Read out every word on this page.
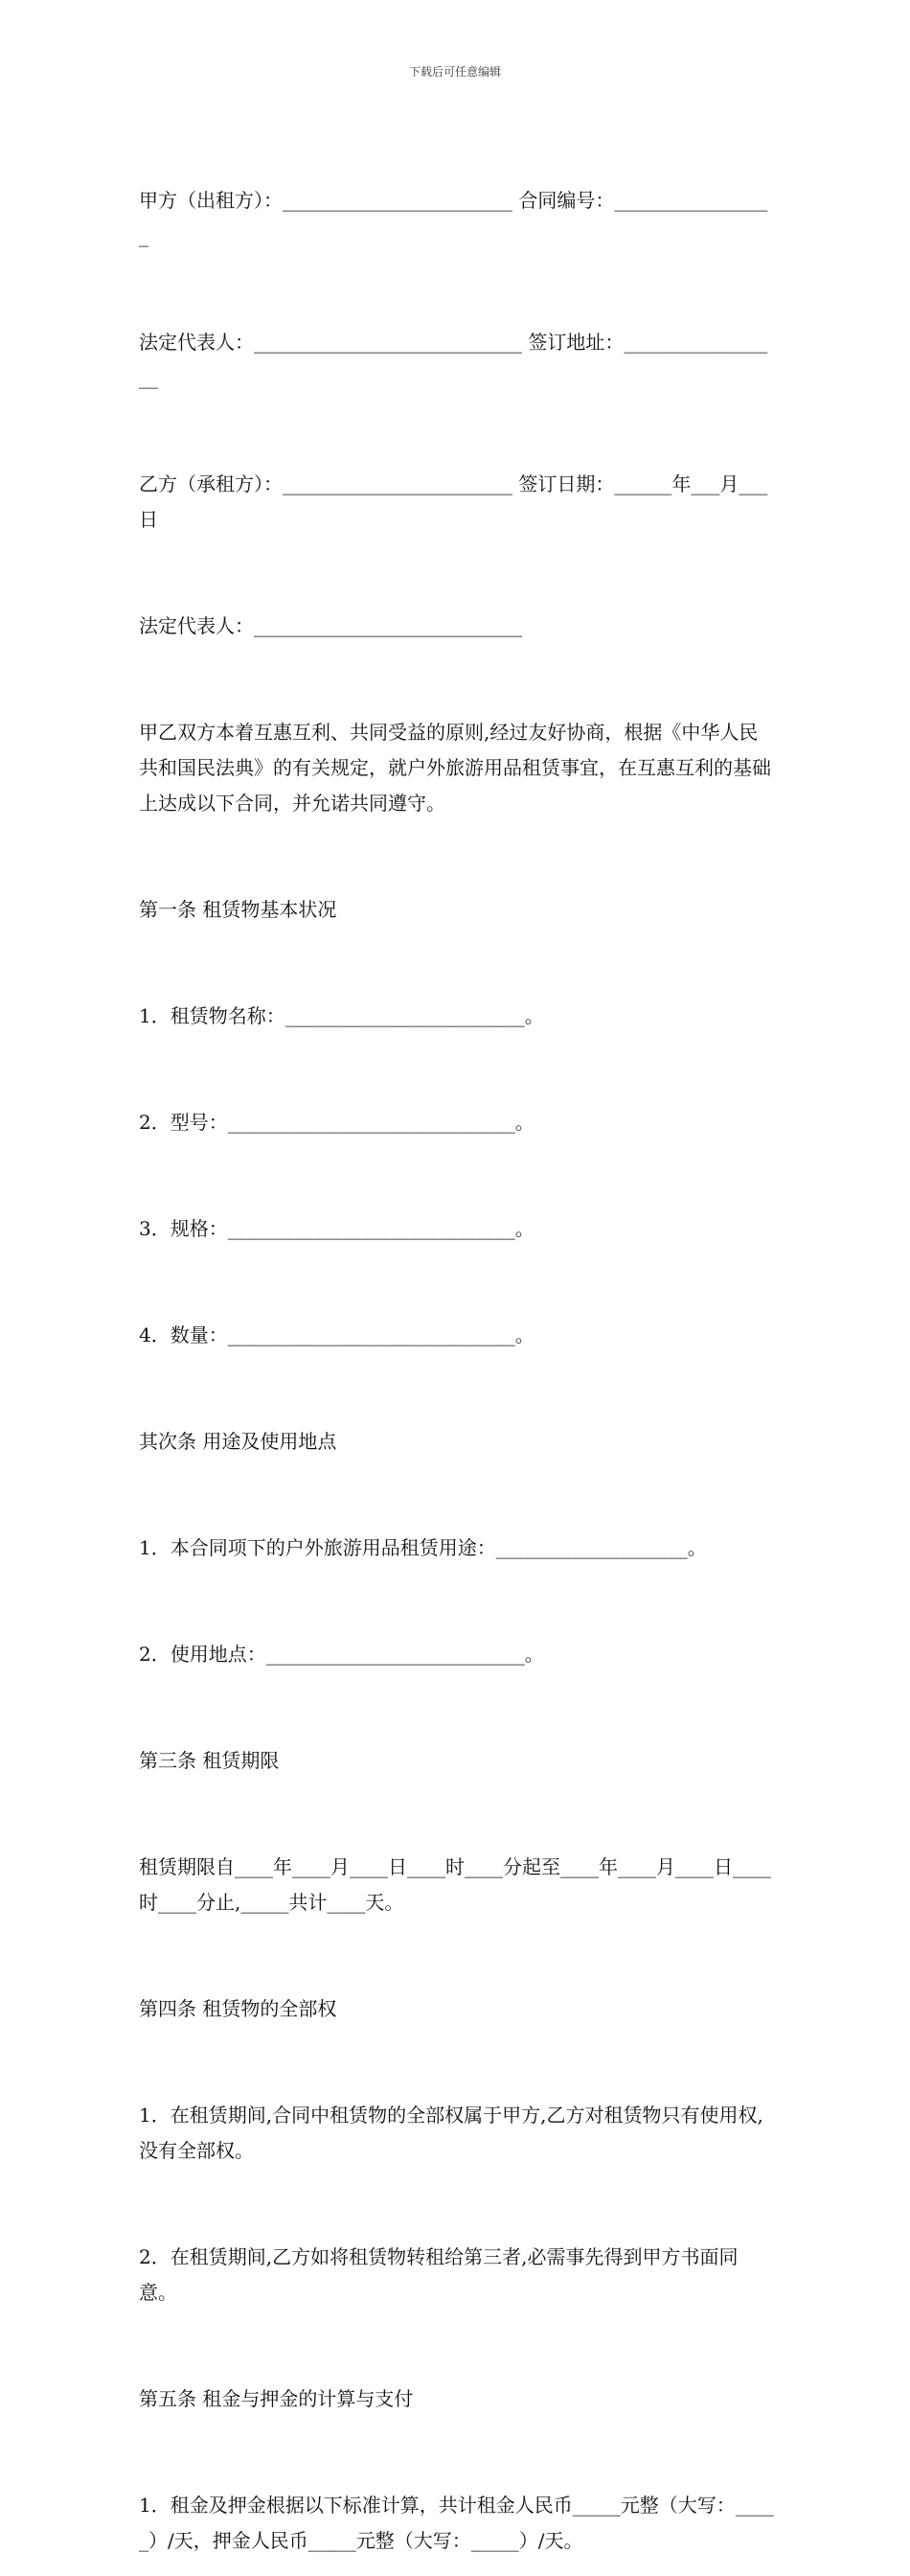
下载后可任意编辑

甲方（出租方）：________________________ 合同编号：_________________

法定代表人：____________________________ 签订地址：_________________

乙方（承租方）：________________________ 签订日期：______年___月___日

法定代表人：____________________________

甲乙双方本着互惠互利、共同受益的原则,经过友好协商，根据《中华人民共和国民法典》的有关规定，就户外旅游用品租赁事宜，在互惠互利的基础上达成以下合同，并允诺共同遵守。

第一条 租赁物基本状况

1．租赁物名称：_________________________。

2．型号：______________________________。

3．规格：______________________________。

4．数量：______________________________。

其次条 用途及使用地点

1．本合同项下的户外旅游用品租赁用途：____________________。

2．使用地点：___________________________。

第三条 租赁期限

租赁期限自____年____月____日____时____分起至____年____月____日____时____分止,_____共计____天。

第四条 租赁物的全部权

1．在租赁期间,合同中租赁物的全部权属于甲方,乙方对租赁物只有使用权,没有全部权。

2．在租赁期间,乙方如将租赁物转租给第三者,必需事先得到甲方书面同意。

第五条 租金与押金的计算与支付

1．租金及押金根据以下标准计算，共计租金人民币_____元整（大写：_____）/天，押金人民币_____元整（大写：_____）/天。
